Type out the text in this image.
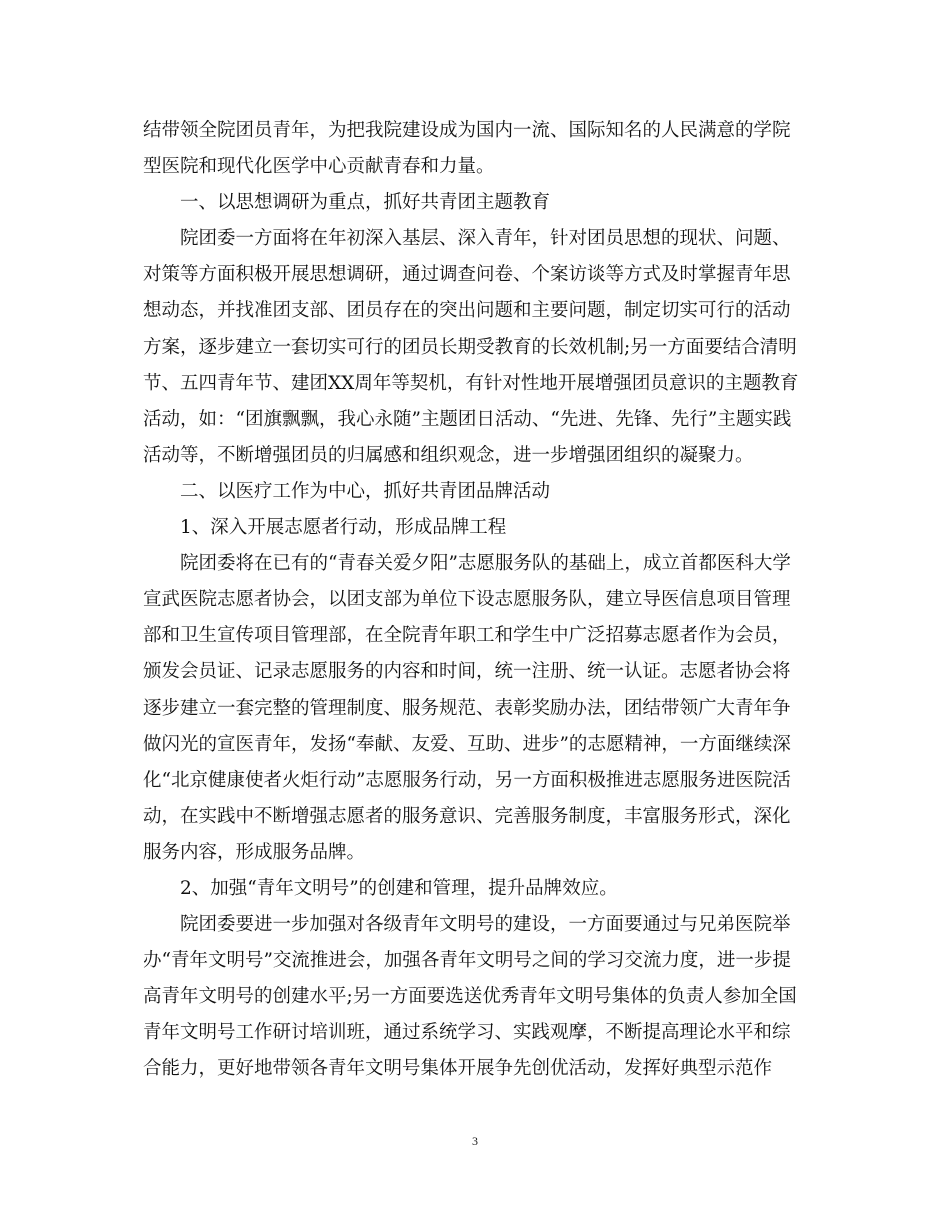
结带领全院团员青年，为把我院建设成为国内一流、国际知名的人民满意的学院
型医院和现代化医学中心贡献青春和力量。
一、以思想调研为重点，抓好共青团主题教育
院团委一方面将在年初深入基层、深入青年，针对团员思想的现状、问题、
对策等方面积极开展思想调研，通过调查问卷、个案访谈等方式及时掌握青年思
想动态，并找准团支部、团员存在的突出问题和主要问题，制定切实可行的活动
方案，逐步建立一套切实可行的团员长期受教育的长效机制;另一方面要结合清明
节、五四青年节、建团XX周年等契机，有针对性地开展增强团员意识的主题教育
活动，如：“团旗飘飘，我心永随”主题团日活动、“先进、先锋、先行”主题实践
活动等，不断增强团员的归属感和组织观念，进一步增强团组织的凝聚力。
二、以医疗工作为中心，抓好共青团品牌活动
1、深入开展志愿者行动，形成品牌工程
院团委将在已有的“青春关爱夕阳”志愿服务队的基础上，成立首都医科大学
宣武医院志愿者协会，以团支部为单位下设志愿服务队，建立导医信息项目管理
部和卫生宣传项目管理部，在全院青年职工和学生中广泛招募志愿者作为会员，
颁发会员证、记录志愿服务的内容和时间，统一注册、统一认证。志愿者协会将
逐步建立一套完整的管理制度、服务规范、表彰奖励办法，团结带领广大青年争
做闪光的宣医青年，发扬“奉献、友爱、互助、进步”的志愿精神，一方面继续深
化“北京健康使者火炬行动”志愿服务行动，另一方面积极推进志愿服务进医院活
动，在实践中不断增强志愿者的服务意识、完善服务制度，丰富服务形式，深化
服务内容，形成服务品牌。
2、加强“青年文明号”的创建和管理，提升品牌效应。
院团委要进一步加强对各级青年文明号的建设，一方面要通过与兄弟医院举
办“青年文明号”交流推进会，加强各青年文明号之间的学习交流力度，进一步提
高青年文明号的创建水平;另一方面要选送优秀青年文明号集体的负责人参加全国
青年文明号工作研讨培训班，通过系统学习、实践观摩，不断提高理论水平和综
合能力，更好地带领各青年文明号集体开展争先创优活动，发挥好典型示范作
3
